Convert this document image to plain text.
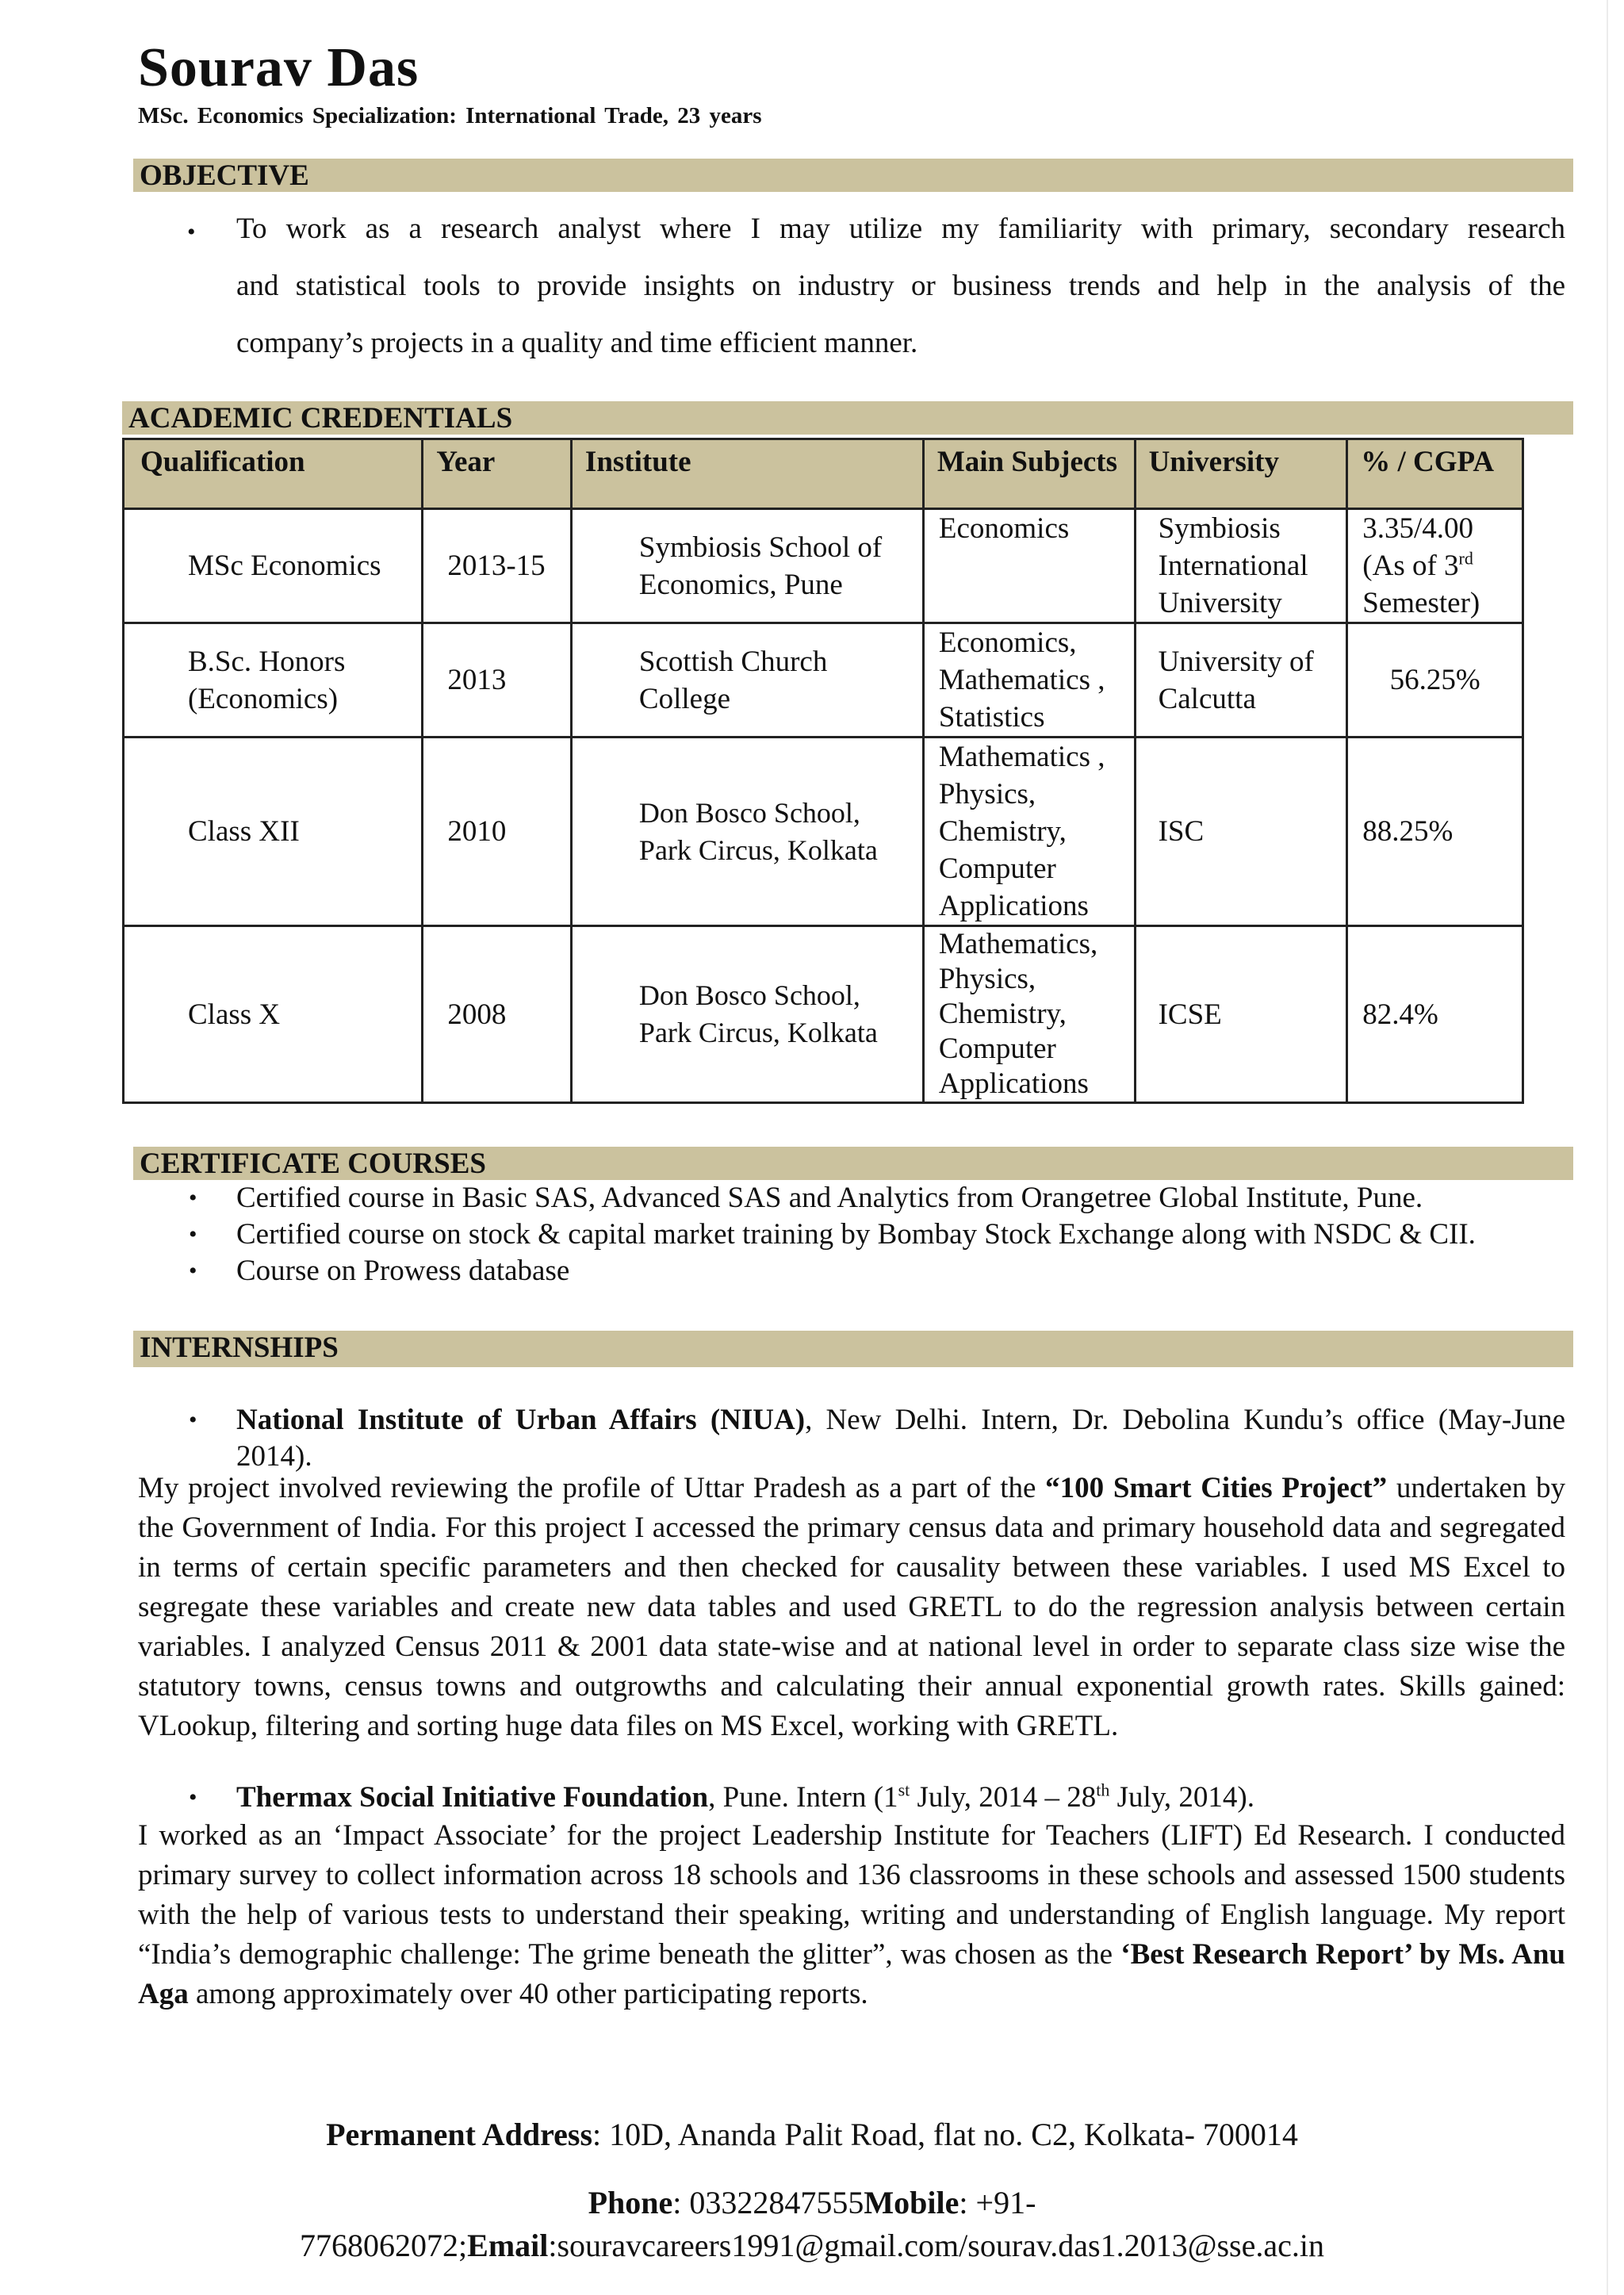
Sourav Das
MSc. Economics Specialization: International Trade, 23 years
OBJECTIVE
• To work as a research analyst where I may utilize my familiarity with primary, secondary research
and statistical tools to provide insights on industry or business trends and help in the analysis of the
company’s projects in a quality and time efficient manner.
ACADEMIC CREDENTIALS
Qualification	Year	Institute	Main Subjects	University	% / CGPA
MSc Economics	2013-15	Symbiosis School of Economics, Pune	Economics	Symbiosis International University	3.35/4.00 (As of 3rd Semester)
B.Sc. Honors (Economics)	2013	Scottish Church College	Economics, Mathematics , Statistics	University of Calcutta	56.25%
Class XII	2010	Don Bosco School, Park Circus, Kolkata	Mathematics , Physics, Chemistry, Computer Applications	ISC	88.25%
Class X	2008	Don Bosco School, Park Circus, Kolkata	Mathematics, Physics, Chemistry, Computer Applications	ICSE	82.4%
CERTIFICATE COURSES
• Certified course in Basic SAS, Advanced SAS and Analytics from Orangetree Global Institute, Pune.
• Certified course on stock & capital market training by Bombay Stock Exchange along with NSDC & CII.
• Course on Prowess database
INTERNSHIPS
• National Institute of Urban Affairs (NIUA), New Delhi. Intern, Dr. Debolina Kundu’s office (May-June 2014).
My project involved reviewing the profile of Uttar Pradesh as a part of the “100 Smart Cities Project” undertaken by the Government of India. For this project I accessed the primary census data and primary household data and segregated in terms of certain specific parameters and then checked for causality between these variables. I used MS Excel to segregate these variables and create new data tables and used GRETL to do the regression analysis between certain variables. I analyzed Census 2011 & 2001 data state-wise and at national level in order to separate class size wise the statutory towns, census towns and outgrowths and calculating their annual exponential growth rates. Skills gained: VLookup, filtering and sorting huge data files on MS Excel, working with GRETL.
• Thermax Social Initiative Foundation, Pune. Intern (1st July, 2014 – 28th July, 2014).
I worked as an ‘Impact Associate’ for the project Leadership Institute for Teachers (LIFT) Ed Research. I conducted primary survey to collect information across 18 schools and 136 classrooms in these schools and assessed 1500 students with the help of various tests to understand their speaking, writing and understanding of English language. My report “India’s demographic challenge: The grime beneath the glitter”, was chosen as the ‘Best Research Report’ by Ms. Anu Aga among approximately over 40 other participating reports.
Permanent Address: 10D, Ananda Palit Road, flat no. C2, Kolkata- 700014
Phone: 03322847555Mobile: +91-
7768062072;Email:souravcareers1991@gmail.com/sourav.das1.2013@sse.ac.in
